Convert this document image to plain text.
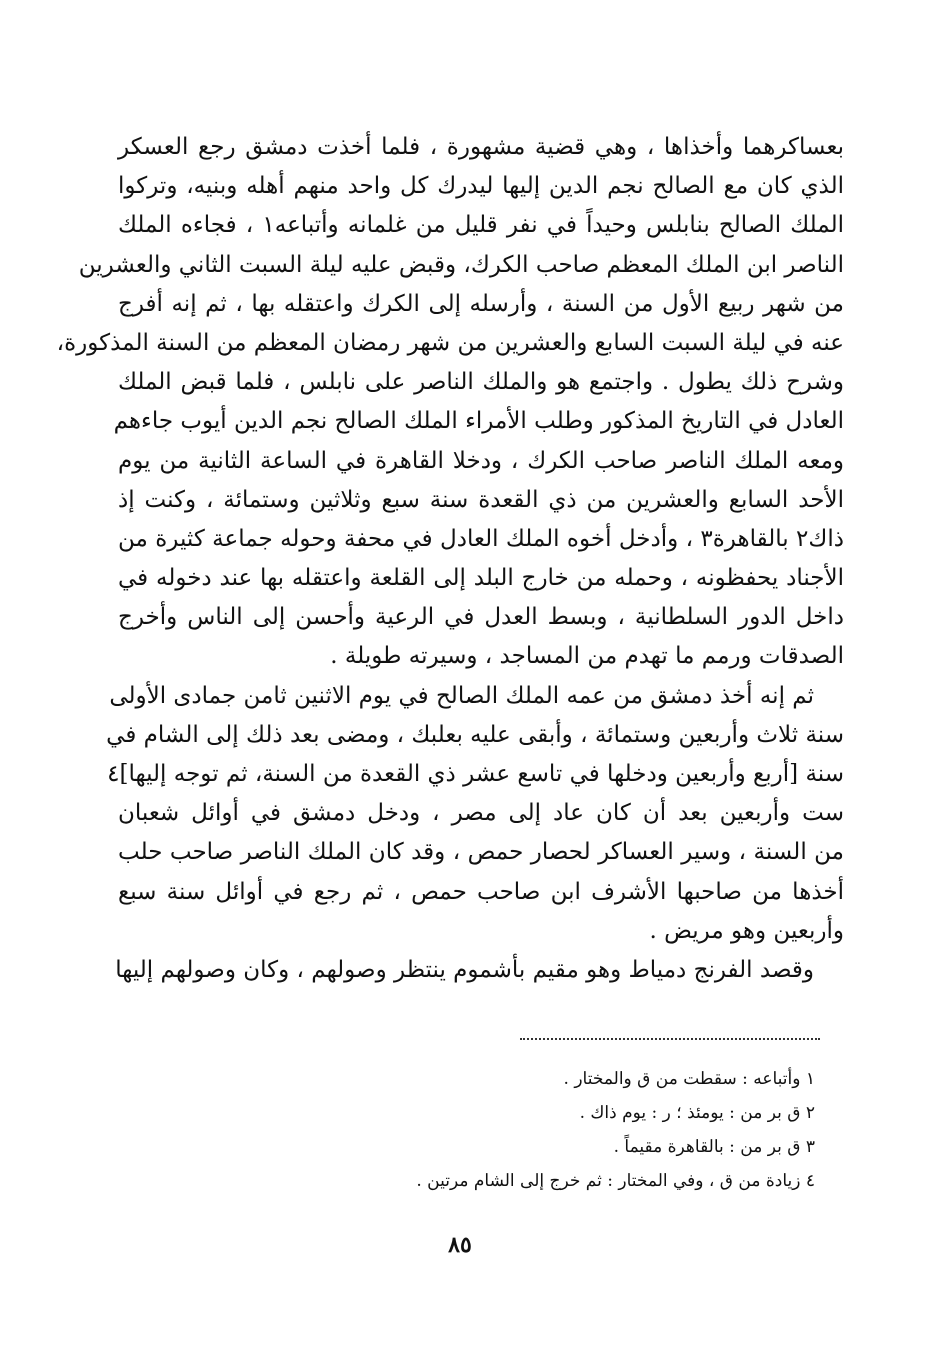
بعساكرهما وأخذاها ، وهي قضية مشهورة ، فلما أخذت دمشق رجع العسكر
الذي كان مع الصالح نجم الدين إليها ليدرك كل واحد منهم أهله وبنيه، وتركوا
الملك الصالح بنابلس وحيداً في نفر قليل من غلمانه وأتباعه١ ، فجاءه الملك
الناصر ابن الملك المعظم صاحب الكرك، وقبض عليه ليلة السبت الثاني والعشرين
من شهر ربيع الأول من السنة ، وأرسله إلى الكرك واعتقله بها ، ثم إنه أفرج
عنه في ليلة السبت السابع والعشرين من شهر رمضان المعظم من السنة المذكورة،
وشرح ذلك يطول . واجتمع هو والملك الناصر على نابلس ، فلما قبض الملك
العادل في التاريخ المذكور وطلب الأمراء الملك الصالح نجم الدين أيوب جاءهم
ومعه الملك الناصر صاحب الكرك ، ودخلا القاهرة في الساعة الثانية من يوم
الأحد السابع والعشرين من ذي القعدة سنة سبع وثلاثين وستمائة ، وكنت إذ
ذاك٢ بالقاهرة٣ ، وأدخل أخوه الملك العادل في محفة وحوله جماعة كثيرة من
الأجناد يحفظونه ، وحمله من خارج البلد إلى القلعة واعتقله بها عند دخوله في
داخل الدور السلطانية ، وبسط العدل في الرعية وأحسن إلى الناس وأخرج
الصدقات ورمم ما تهدم من المساجد ، وسيرته طويلة .
ثم إنه أخذ دمشق من عمه الملك الصالح في يوم الاثنين ثامن جمادى الأولى
سنة ثلاث وأربعين وستمائة ، وأبقى عليه بعلبك ، ومضى بعد ذلك إلى الشام في
سنة [أربع وأربعين ودخلها في تاسع عشر ذي القعدة من السنة، ثم توجه إليها]٤
ست وأربعين بعد أن كان عاد إلى مصر ، ودخل دمشق في أوائل شعبان
من السنة ، وسير العساكر لحصار حمص ، وقد كان الملك الناصر صاحب حلب
أخذها من صاحبها الأشرف ابن صاحب حمص ، ثم رجع في أوائل سنة سبع
وأربعين وهو مريض .
وقصد الفرنج دمياط وهو مقيم بأشموم ينتظر وصولهم ، وكان وصولهم إليها
١ وأتباعه : سقطت من ق والمختار .
٢ ق بر من : يومئذ ؛ ر : يوم ذاك .
٣ ق بر من : بالقاهرة مقيماً .
٤ زيادة من ق ، وفي المختار : ثم خرج إلى الشام مرتين .
٨٥
